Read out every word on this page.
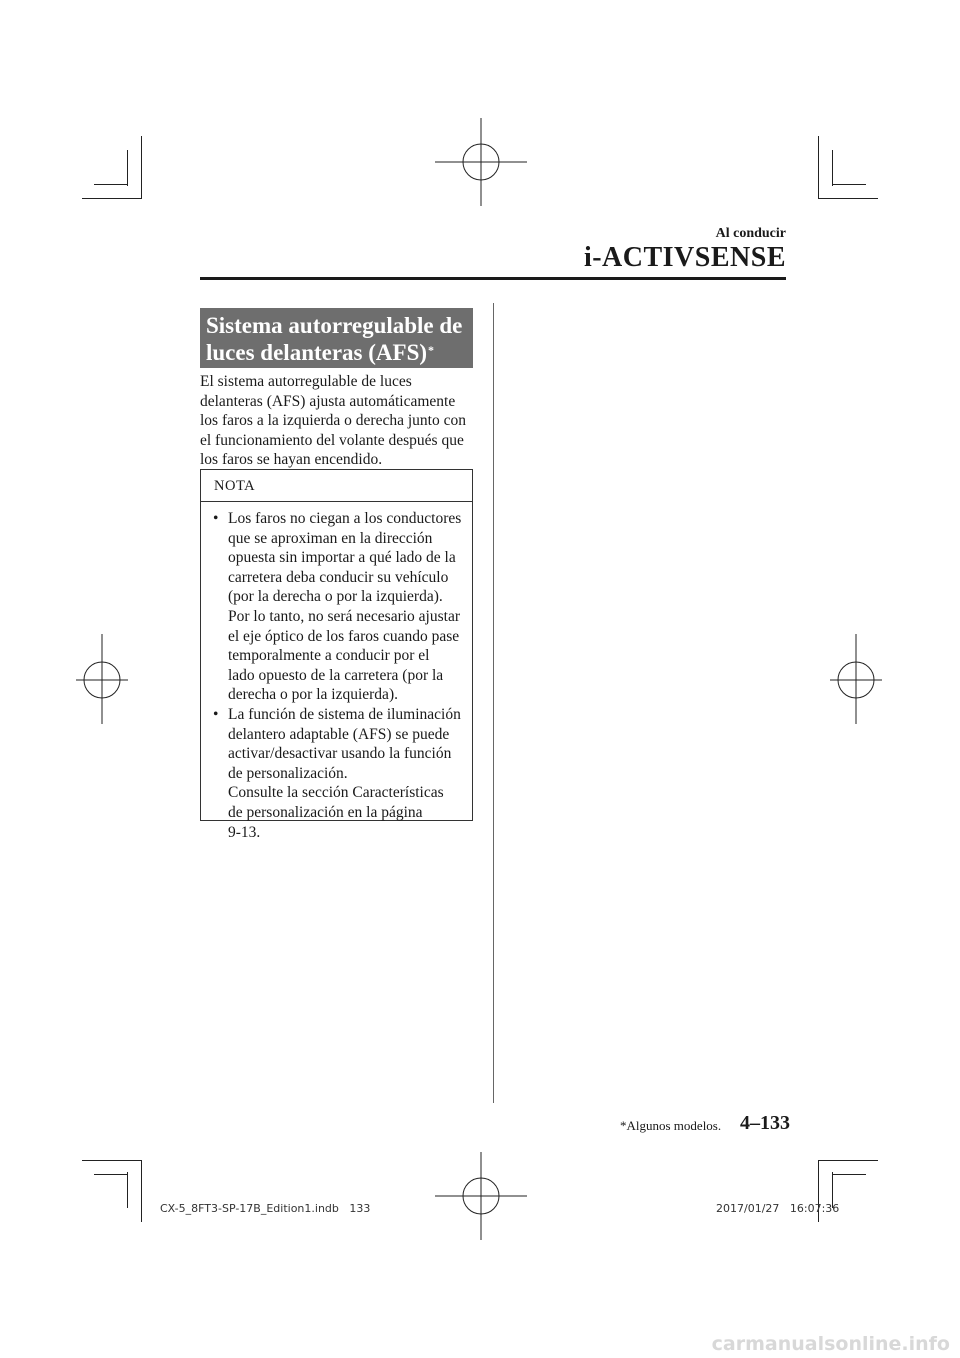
Al conducir
i-ACTIVSENSE
Sistema autorregulable de
luces delanteras (AFS)*
El sistema autorregulable de luces
delanteras (AFS) ajusta automáticamente
los faros a la izquierda o derecha junto con
el funcionamiento del volante después que
los faros se hayan encendido.
NOTA
• Los faros no ciegan a los conductores
que se aproximan en la dirección
opuesta sin importar a qué lado de la
carretera deba conducir su vehículo
(por la derecha o por la izquierda).
Por lo tanto, no será necesario ajustar
el eje óptico de los faros cuando pase
temporalmente a conducir por el
lado opuesto de la carretera (por la
derecha o por la izquierda).
• La función de sistema de iluminación
delantero adaptable (AFS) se puede
activar/desactivar usando la función
de personalización.
Consulte la sección Características
de personalización en la página
9-13.
*Algunos modelos. 4–133
CX-5_8FT3-SP-17B_Edition1.indb   133	2017/01/27   16:07:36
carmanualsonline.info
